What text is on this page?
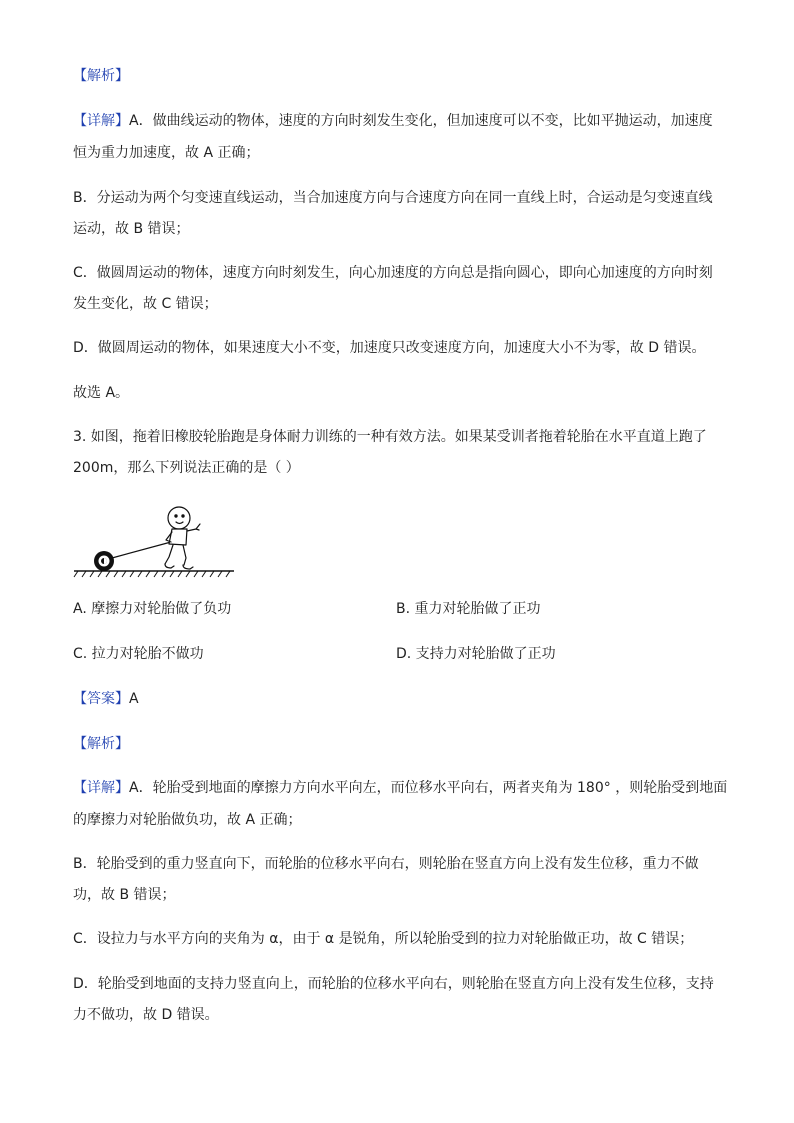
【解析】
【详解】A．做曲线运动的物体，速度的方向时刻发生变化，但加速度可以不变，比如平抛运动，加速度
恒为重力加速度，故 A 正确；
B．分运动为两个匀变速直线运动，当合加速度方向与合速度方向在同一直线上时，合运动是匀变速直线
运动，故 B 错误；
C．做圆周运动的物体，速度方向时刻发生，向心加速度的方向总是指向圆心，即向心加速度的方向时刻
发生变化，故 C 错误；
D．做圆周运动的物体，如果速度大小不变，加速度只改变速度方向，加速度大小不为零，故 D 错误。
故选 A。
3. 如图，拖着旧橡胶轮胎跑是身体耐力训练的一种有效方法。如果某受训者拖着轮胎在水平直道上跑了
200m，那么下列说法正确的是（ ）
A. 摩擦力对轮胎做了负功	B. 重力对轮胎做了正功
C. 拉力对轮胎不做功	D. 支持力对轮胎做了正功
【答案】A
【解析】
【详解】A．轮胎受到地面的摩擦力方向水平向左，而位移水平向右，两者夹角为 180° ，则轮胎受到地面
的摩擦力对轮胎做负功，故 A 正确；
B．轮胎受到的重力竖直向下，而轮胎的位移水平向右，则轮胎在竖直方向上没有发生位移，重力不做
功，故 B 错误；
C．设拉力与水平方向的夹角为 α，由于 α 是锐角，所以轮胎受到的拉力对轮胎做正功，故 C 错误；
D．轮胎受到地面的支持力竖直向上，而轮胎的位移水平向右，则轮胎在竖直方向上没有发生位移，支持
力不做功，故 D 错误。
